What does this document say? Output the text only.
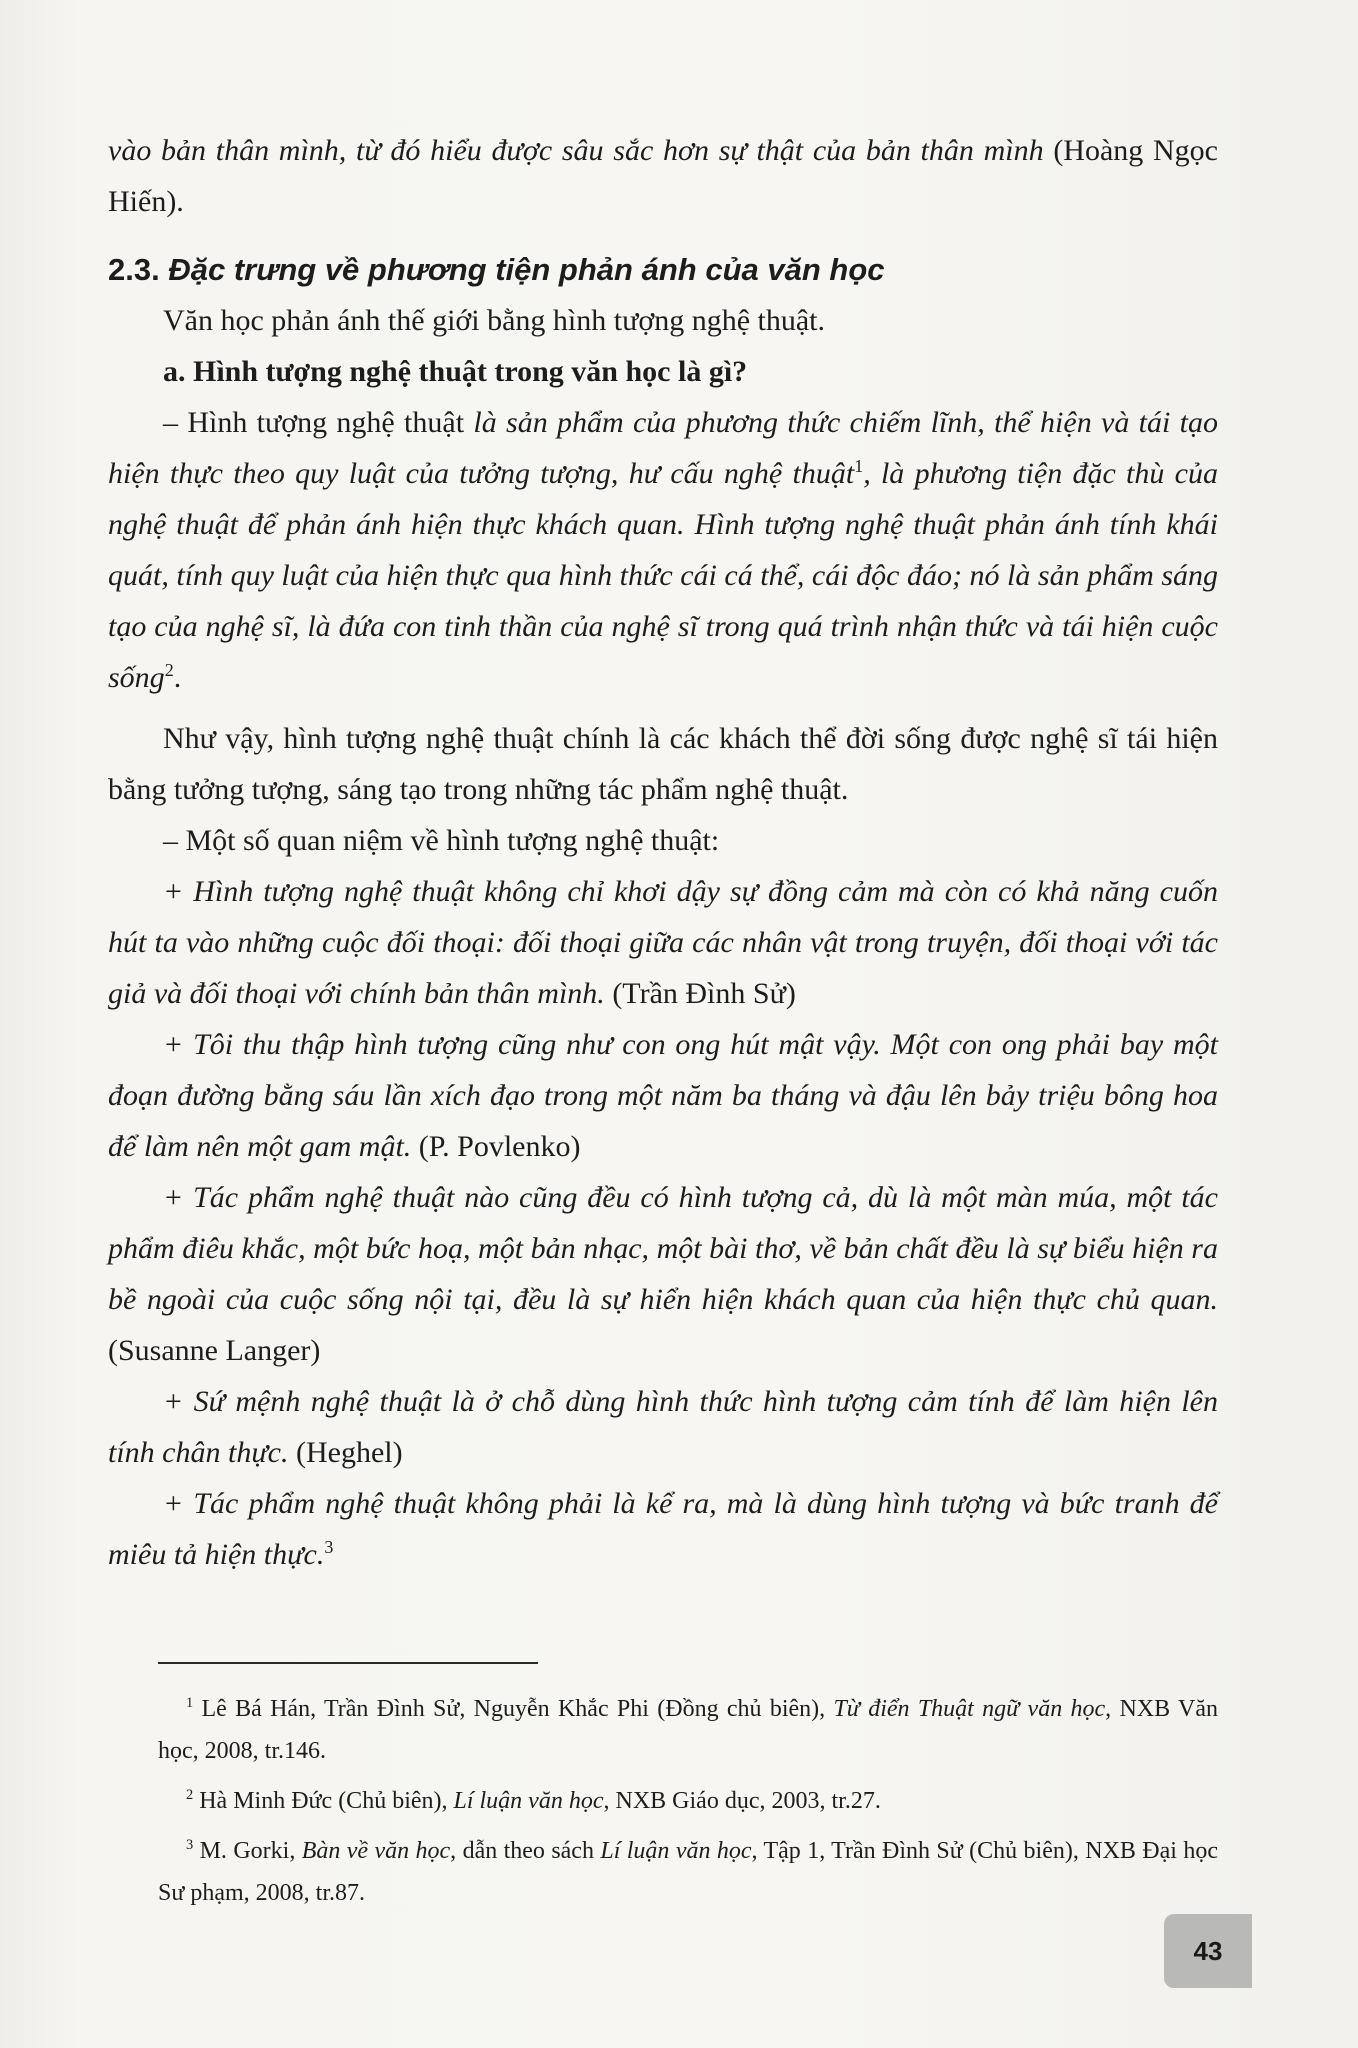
vào bản thân mình, từ đó hiểu được sâu sắc hơn sự thật của bản thân mình (Hoàng Ngọc Hiến).

2.3. Đặc trưng về phương tiện phản ánh của văn học

Văn học phản ánh thế giới bằng hình tượng nghệ thuật.

a. Hình tượng nghệ thuật trong văn học là gì?

– Hình tượng nghệ thuật là sản phẩm của phương thức chiếm lĩnh, thể hiện và tái tạo hiện thực theo quy luật của tưởng tượng, hư cấu nghệ thuật$^1$, là phương tiện đặc thù của nghệ thuật để phản ánh hiện thực khách quan. Hình tượng nghệ thuật phản ánh tính khái quát, tính quy luật của hiện thực qua hình thức cái cá thể, cái độc đáo; nó là sản phẩm sáng tạo của nghệ sĩ, là đứa con tinh thần của nghệ sĩ trong quá trình nhận thức và tái hiện cuộc sống$^2$.

Như vậy, hình tượng nghệ thuật chính là các khách thể đời sống được nghệ sĩ tái hiện bằng tưởng tượng, sáng tạo trong những tác phẩm nghệ thuật.

– Một số quan niệm về hình tượng nghệ thuật:

+ Hình tượng nghệ thuật không chỉ khơi dậy sự đồng cảm mà còn có khả năng cuốn hút ta vào những cuộc đối thoại: đối thoại giữa các nhân vật trong truyện, đối thoại với tác giả và đối thoại với chính bản thân mình. (Trần Đình Sử)

+ Tôi thu thập hình tượng cũng như con ong hút mật vậy. Một con ong phải bay một đoạn đường bằng sáu lần xích đạo trong một năm ba tháng và đậu lên bảy triệu bông hoa để làm nên một gam mật. (P. Povlenko)

+ Tác phẩm nghệ thuật nào cũng đều có hình tượng cả, dù là một màn múa, một tác phẩm điêu khắc, một bức hoạ, một bản nhạc, một bài thơ, về bản chất đều là sự biểu hiện ra bề ngoài của cuộc sống nội tại, đều là sự hiển hiện khách quan của hiện thực chủ quan. (Susanne Langer)

+ Sứ mệnh nghệ thuật là ở chỗ dùng hình thức hình tượng cảm tính để làm hiện lên tính chân thực. (Heghel)

+ Tác phẩm nghệ thuật không phải là kể ra, mà là dùng hình tượng và bức tranh để miêu tả hiện thực.$^3$

$^1$ Lê Bá Hán, Trần Đình Sử, Nguyễn Khắc Phi (Đồng chủ biên), Từ điển Thuật ngữ văn học, NXB Văn học, 2008, tr.146.

$^2$ Hà Minh Đức (Chủ biên), Lí luận văn học, NXB Giáo dục, 2003, tr.27.

$^3$ M. Gorki, Bàn về văn học, dẫn theo sách Lí luận văn học, Tập 1, Trần Đình Sử (Chủ biên), NXB Đại học Sư phạm, 2008, tr.87.

43
